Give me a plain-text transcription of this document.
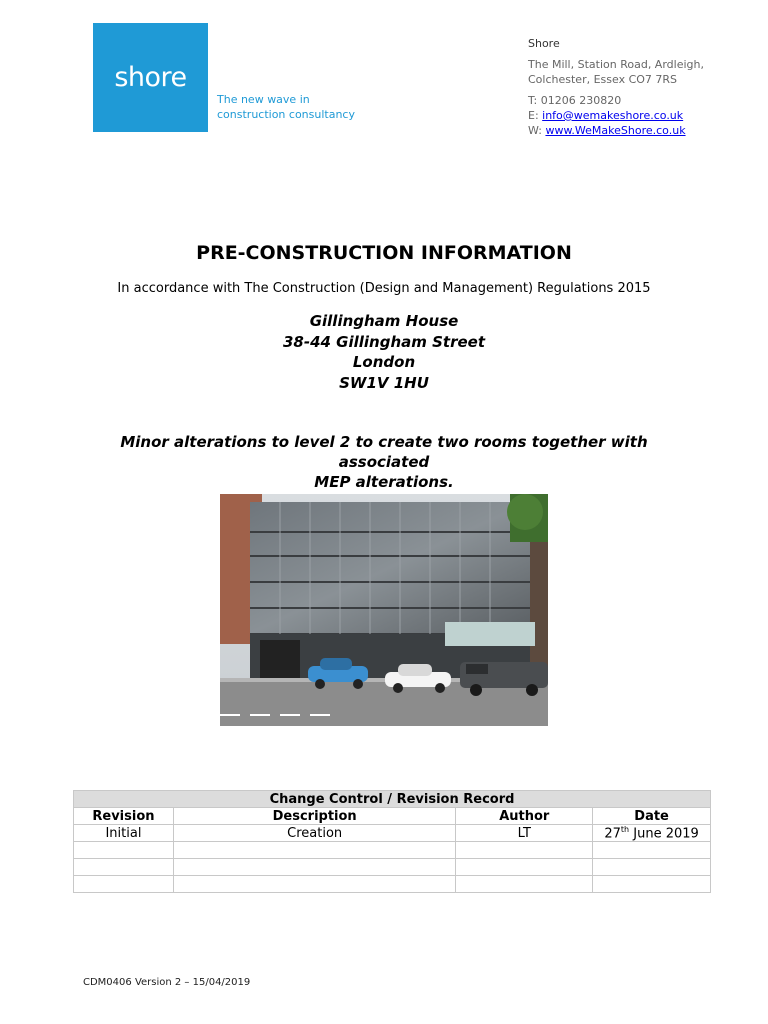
shore
The new wave in
construction consultancy
Shore
The Mill, Station Road, Ardleigh,
Colchester, Essex CO7 7RS
T: 01206 230820
E: info@wemakeshore.co.uk
W: www.WeMakeShore.co.uk
PRE-CONSTRUCTION INFORMATION
In accordance with The Construction (Design and Management) Regulations 2015
Gillingham House
38-44 Gillingham Street
London
SW1V 1HU
Minor alterations to level 2 to create two rooms together with associated
MEP alterations.
Change Control / Revision Record			
Revision	Description	Author	Date
Initial	Creation	LT	27th June 2019

CDM0406 Version 2 – 15/04/2019
